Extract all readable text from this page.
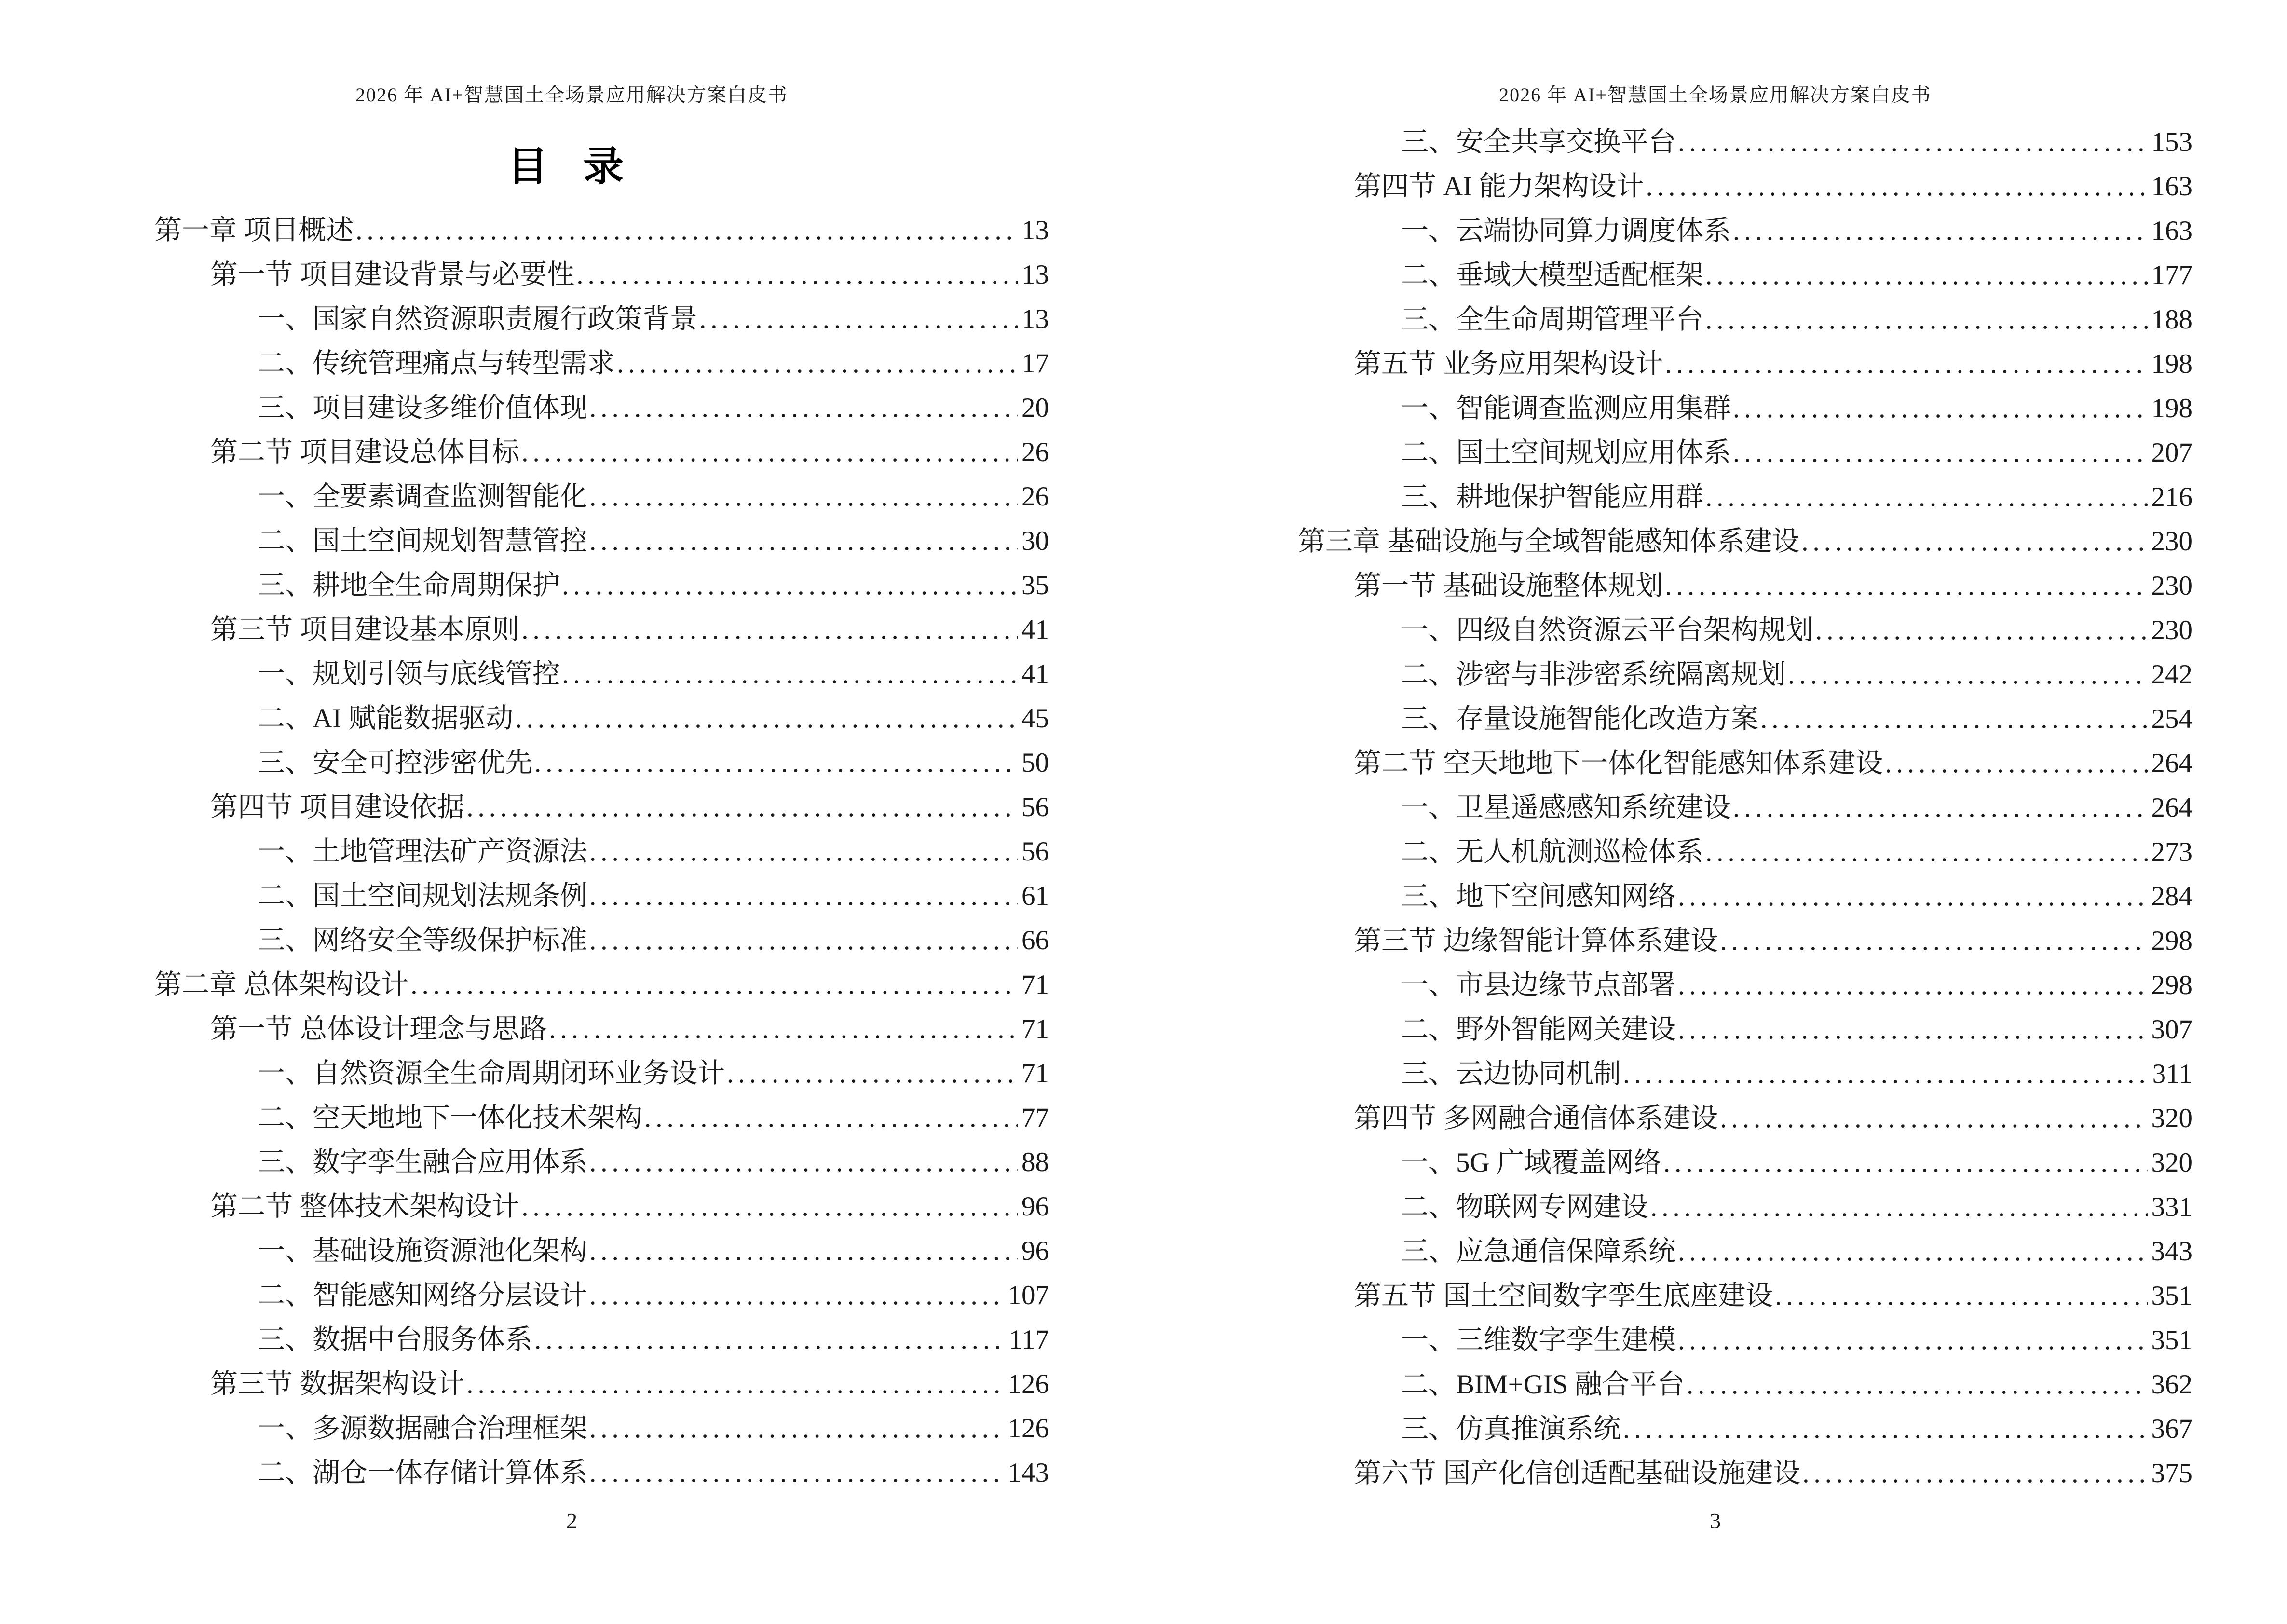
2026 年 AI+智慧国土全场景应用解决方案白皮书
目 录
第一章 项目概述 .....	13
第一节 项目建设背景与必要性 .....	13
一、国家自然资源职责履行政策背景 .....	13
二、传统管理痛点与转型需求 .....	17
三、项目建设多维价值体现 .....	20
第二节 项目建设总体目标 .....	26
一、全要素调查监测智能化 .....	26
二、国土空间规划智慧管控 .....	30
三、耕地全生命周期保护 .....	35
第三节 项目建设基本原则 .....	41
一、规划引领与底线管控 .....	41
二、AI 赋能数据驱动 .....	45
三、安全可控涉密优先 .....	50
第四节 项目建设依据 .....	56
一、土地管理法矿产资源法 .....	56
二、国土空间规划法规条例 .....	61
三、网络安全等级保护标准 .....	66
第二章 总体架构设计 .....	71
第一节 总体设计理念与思路 .....	71
一、自然资源全生命周期闭环业务设计 .....	71
二、空天地地下一体化技术架构 .....	77
三、数字孪生融合应用体系 .....	88
第二节 整体技术架构设计 .....	96
一、基础设施资源池化架构 .....	96
二、智能感知网络分层设计 .....	107
三、数据中台服务体系 .....	117
第三节 数据架构设计 .....	126
一、多源数据融合治理框架 .....	126
二、湖仓一体存储计算体系 .....	143
2
2026 年 AI+智慧国土全场景应用解决方案白皮书
三、安全共享交换平台 .....	153
第四节 AI 能力架构设计 .....	163
一、云端协同算力调度体系 .....	163
二、垂域大模型适配框架 .....	177
三、全生命周期管理平台 .....	188
第五节 业务应用架构设计 .....	198
一、智能调查监测应用集群 .....	198
二、国土空间规划应用体系 .....	207
三、耕地保护智能应用群 .....	216
第三章 基础设施与全域智能感知体系建设 .....	230
第一节 基础设施整体规划 .....	230
一、四级自然资源云平台架构规划 .....	230
二、涉密与非涉密系统隔离规划 .....	242
三、存量设施智能化改造方案 .....	254
第二节 空天地地下一体化智能感知体系建设 .....	264
一、卫星遥感感知系统建设 .....	264
二、无人机航测巡检体系 .....	273
三、地下空间感知网络 .....	284
第三节 边缘智能计算体系建设 .....	298
一、市县边缘节点部署 .....	298
二、野外智能网关建设 .....	307
三、云边协同机制 .....	311
第四节 多网融合通信体系建设 .....	320
一、5G 广域覆盖网络 .....	320
二、物联网专网建设 .....	331
三、应急通信保障系统 .....	343
第五节 国土空间数字孪生底座建设 .....	351
一、三维数字孪生建模 .....	351
二、BIM+GIS 融合平台 .....	362
三、仿真推演系统 .....	367
第六节 国产化信创适配基础设施建设 .....	375
3
